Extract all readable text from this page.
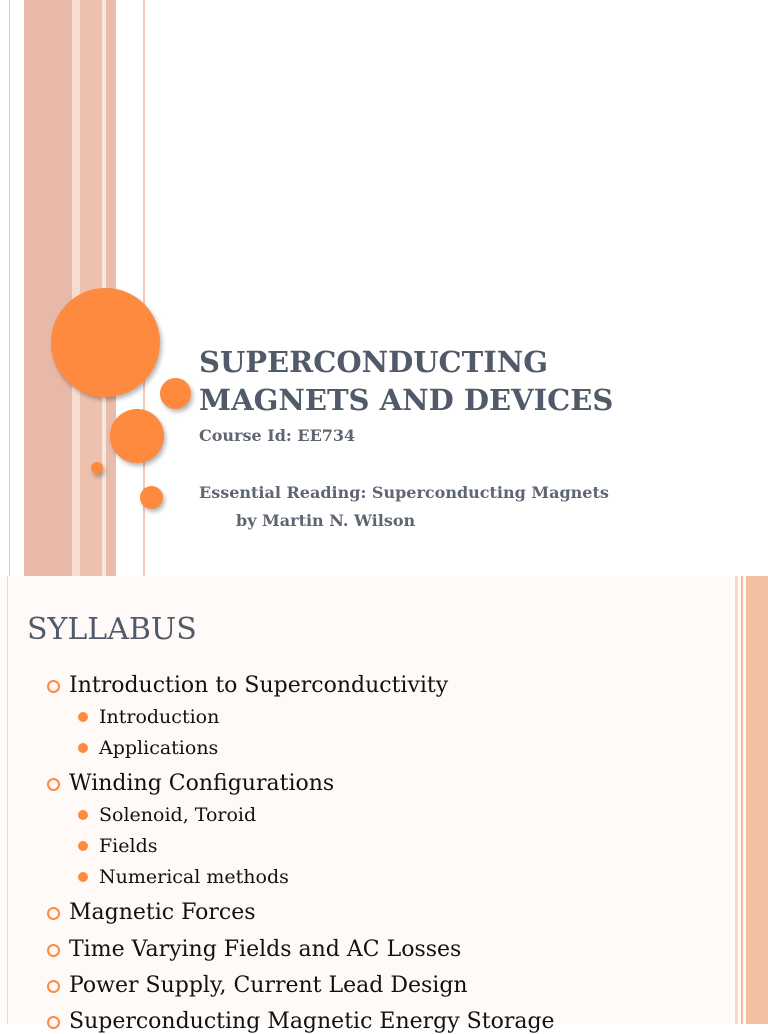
SUPERCONDUCTING
MAGNETS AND DEVICES

Course Id: EE734

Essential Reading: Superconducting Magnets

by Martin N. Wilson

SYLLABUS
Introduction to Superconductivity
Introduction
Applications
Winding Configurations
Solenoid, Toroid
Fields
Numerical methods
Magnetic Forces
Time Varying Fields and AC Losses
Power Supply, Current Lead Design
Superconducting Magnetic Energy Storage
